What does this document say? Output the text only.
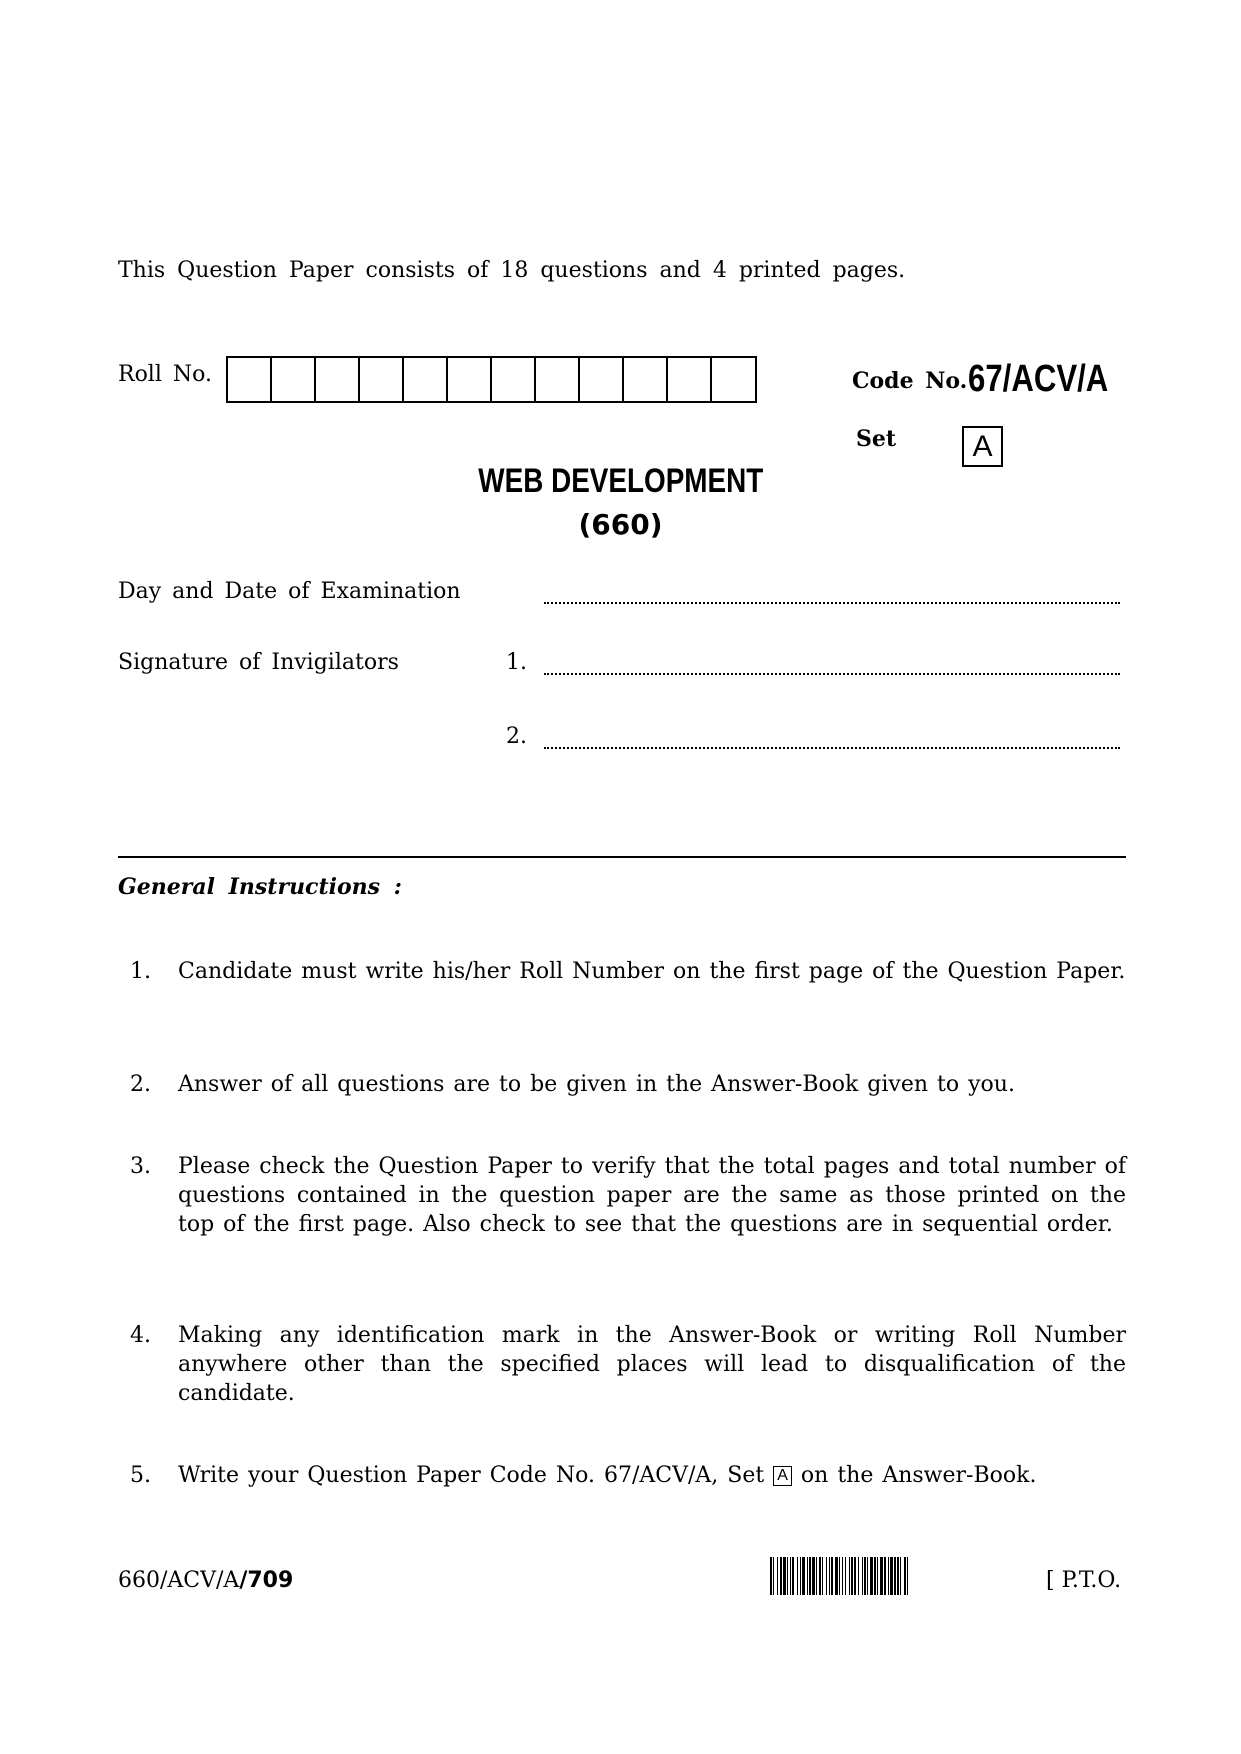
This Question Paper consists of 18 questions and 4 printed pages.
Roll No.	Code No. 67/ACV/A
Set	A
WEB DEVELOPMENT
(660)
Day and Date of Examination
Signature of Invigilators	1.
2.
General Instructions :
1.	Candidate must write his/her Roll Number on the first page of the Question Paper.
2.	Answer of all questions are to be given in the Answer-Book given to you.
3.	Please check the Question Paper to verify that the total pages and total number of questions contained in the question paper are the same as those printed on the top of the first page. Also check to see that the questions are in sequential order.
4.	Making any identification mark in the Answer-Book or writing Roll Number anywhere other than the specified places will lead to disqualification of the candidate.
5.	Write your Question Paper Code No. 67/ACV/A, Set A on the Answer-Book.
660/ACV/A/709	[ P.T.O.
